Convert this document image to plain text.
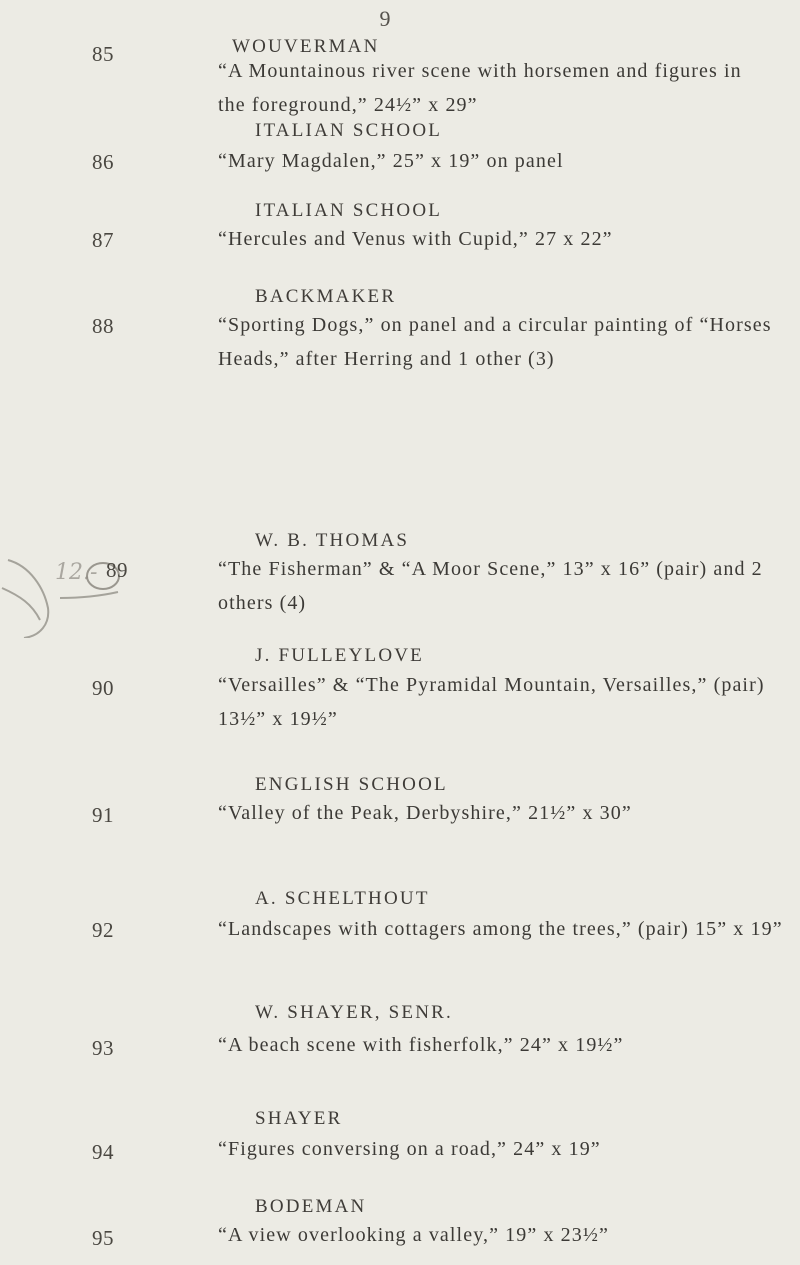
9
85	WOUVERMAN
“A Mountainous river scene with horsemen and figures in the foreground,” 24½” x 29”
86
ITALIAN SCHOOL
“Mary Magdalen,” 25” x 19” on panel
87
ITALIAN SCHOOL
“Hercules and Venus with Cupid,” 27 x 22”
88
BACKMAKER
“Sporting Dogs,” on panel and a circular painting of “Horses Heads,” after Herring and 1 other (3)
12.- 89
W. B. THOMAS
“The Fisherman” & “A Moor Scene,” 13” x 16” (pair) and 2 others (4)
90
J. FULLEYLOVE
“Versailles” & “The Pyramidal Mountain, Versailles,” (pair) 13½” x 19½”
91
ENGLISH SCHOOL
“Valley of the Peak, Derbyshire,” 21½” x 30”
92
A. SCHELTHOUT
“Landscapes with cottagers among the trees,” (pair) 15” x 19”
93
W. SHAYER, SENR.
“A beach scene with fisherfolk,” 24” x 19½”
94
SHAYER
“Figures conversing on a road,” 24” x 19”
95
BODEMAN
“A view overlooking a valley,” 19” x 23½”
